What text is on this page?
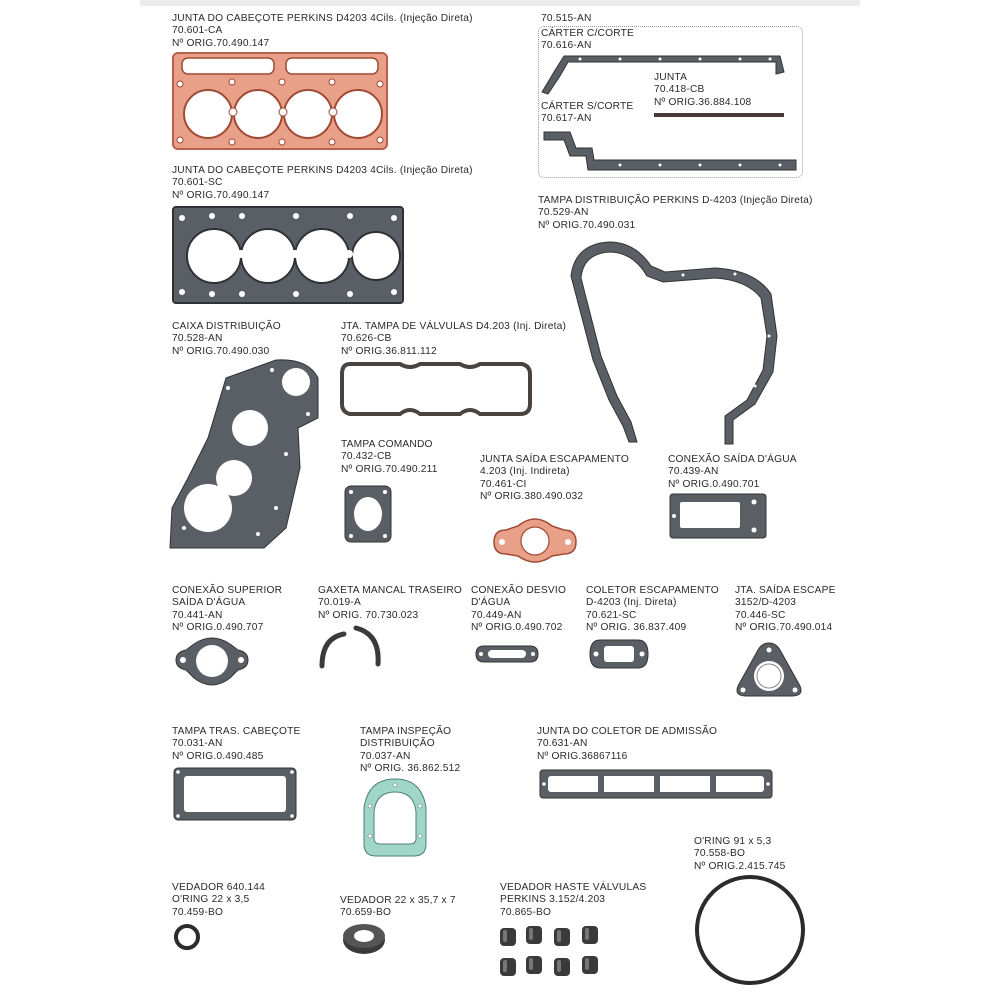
JUNTA DO CABEÇOTE PERKINS D4203 4Cils. (Injeção Direta)
70.601-CA
Nº ORIG.70.490.147
70.515-AN
CÁRTER C/CORTE
70.616-AN
JUNTA
70.418-CB
Nº ORIG.36.884.108
CÁRTER S/CORTE
70.617-AN
JUNTA DO CABEÇOTE PERKINS D4203 4Cils. (Injeção Direta)
70.601-SC
Nº ORIG.70.490.147	TAMPA DISTRIBUIÇÃO PERKINS D-4203 (Injeção Direta)
70.529-AN
Nº ORIG.70.490.031
CAIXA DISTRIBUIÇÃO
70.528-AN
Nº ORIG.70.490.030
JTA. TAMPA DE VÁLVULAS D4.203 (Inj. Direta)
70.626-CB
Nº ORIG.36.811.112
TAMPA COMANDO
70.432-CB
Nº ORIG.70.490.211
JUNTA SAÍDA ESCAPAMENTO
4.203 (Inj. Indireta)
70.461-CI
Nº ORIG.380.490.032
CONEXÃO SAÍDA D'ÁGUA
70.439-AN
Nº ORIG.0.490.701
CONEXÃO SUPERIOR
SAÍDA D'ÁGUA
70.441-AN
Nº ORIG.0.490.707
GAXETA MANCAL TRASEIRO
70.019-A
Nº ORIG. 70.730.023
CONEXÃO DESVIO
D'ÁGUA
70.449-AN
Nº ORIG.0.490.702
COLETOR ESCAPAMENTO
D-4203 (Inj. Direta)
70.621-SC
Nº ORIG. 36.837.409
JTA. SAÍDA ESCAPE
3152/D-4203
70.446-SC
Nº ORIG.70.490.014
TAMPA TRAS. CABEÇOTE
70.031-AN
Nº ORIG.0.490.485
TAMPA INSPEÇÃO
DISTRIBUIÇÃO
70.037-AN
Nº ORIG. 36.862.512
JUNTA DO COLETOR DE ADMISSÃO
70.631-AN
Nº ORIG.36867116
O'RING 91 x 5,3
70.558-BO
Nº ORIG.2.415.745
VEDADOR 640.144
O'RING 22 x 3,5
70.459-BO
VEDADOR 22 x 35,7 x 7
70.659-BO
VEDADOR HASTE VÁLVULAS
PERKINS 3.152/4.203
70.865-BO
